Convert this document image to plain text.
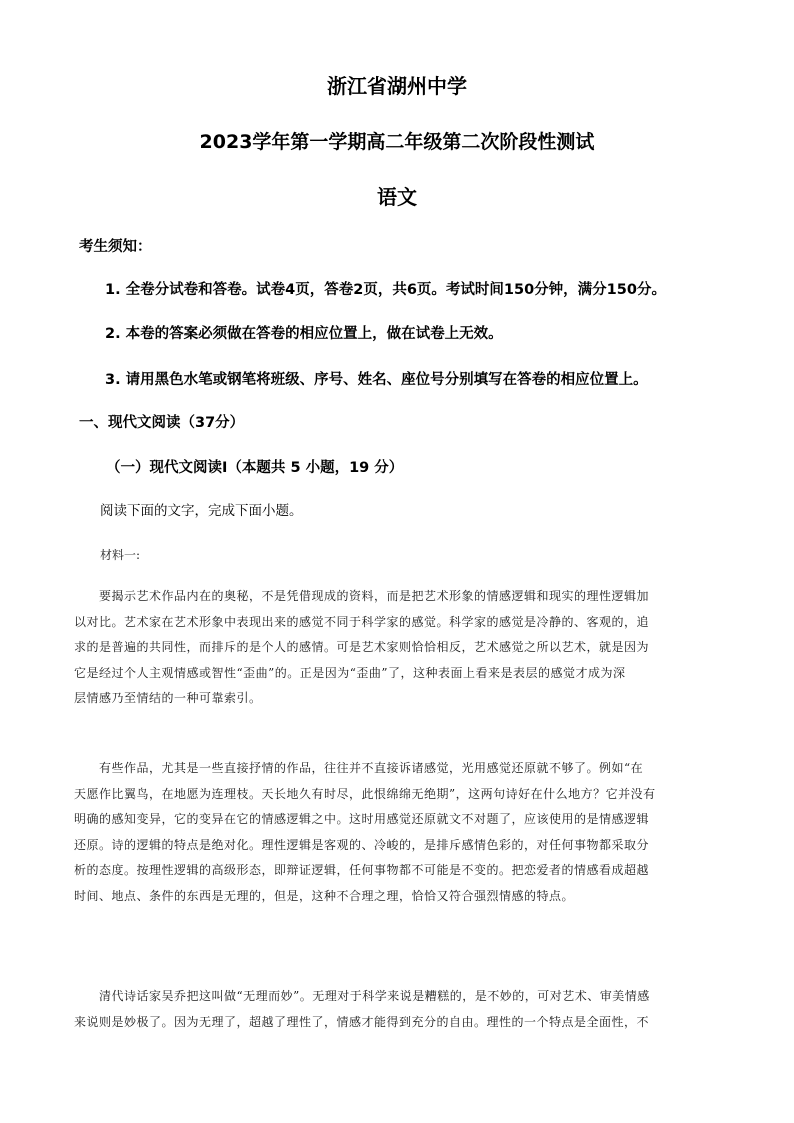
浙江省湖州中学
2023学年第一学期高二年级第二次阶段性测试
语文
考生须知：
1. 全卷分试卷和答卷。试卷4页，答卷2页，共6页。考试时间150分钟，满分150分。
2. 本卷的答案必须做在答卷的相应位置上，做在试卷上无效。
3. 请用黑色水笔或钢笔将班级、序号、姓名、座位号分别填写在答卷的相应位置上。
一、现代文阅读（37分）
（一）现代文阅读Ⅰ（本题共 5 小题，19 分）
阅读下面的文字，完成下面小题。
材料一:
　　要揭示艺术作品内在的奥秘，不是凭借现成的资料，而是把艺术形象的情感逻辑和现实的理性逻辑加
以对比。艺术家在艺术形象中表现出来的感觉不同于科学家的感觉。科学家的感觉是冷静的、客观的，追
求的是普遍的共同性，而排斥的是个人的感情。可是艺术家则恰恰相反，艺术感觉之所以艺术，就是因为
它是经过个人主观情感或智性“歪曲”的。正是因为“歪曲”了，这种表面上看来是表层的感觉才成为深
层情感乃至情结的一种可靠索引。
　　有些作品，尤其是一些直接抒情的作品，往往并不直接诉诸感觉，光用感觉还原就不够了。例如“在
天愿作比翼鸟，在地愿为连理枝。天长地久有时尽，此恨绵绵无绝期”，这两句诗好在什么地方？它并没有
明确的感知变异，它的变异在它的情感逻辑之中。这时用感觉还原就文不对题了，应该使用的是情感逻辑
还原。诗的逻辑的特点是绝对化。理性逻辑是客观的、冷峻的，是排斥感情色彩的，对任何事物都采取分
析的态度。按理性逻辑的高级形态，即辩证逻辑，任何事物都不可能是不变的。把恋爱者的情感看成超越
时间、地点、条件的东西是无理的，但是，这种不合理之理，恰恰又符合强烈情感的特点。
　　清代诗话家吴乔把这叫做“无理而妙”。无理对于科学来说是糟糕的，是不妙的，可对艺术、审美情感
来说则是妙极了。因为无理了，超越了理性了，情感才能得到充分的自由。理性的一个特点是全面性，不
